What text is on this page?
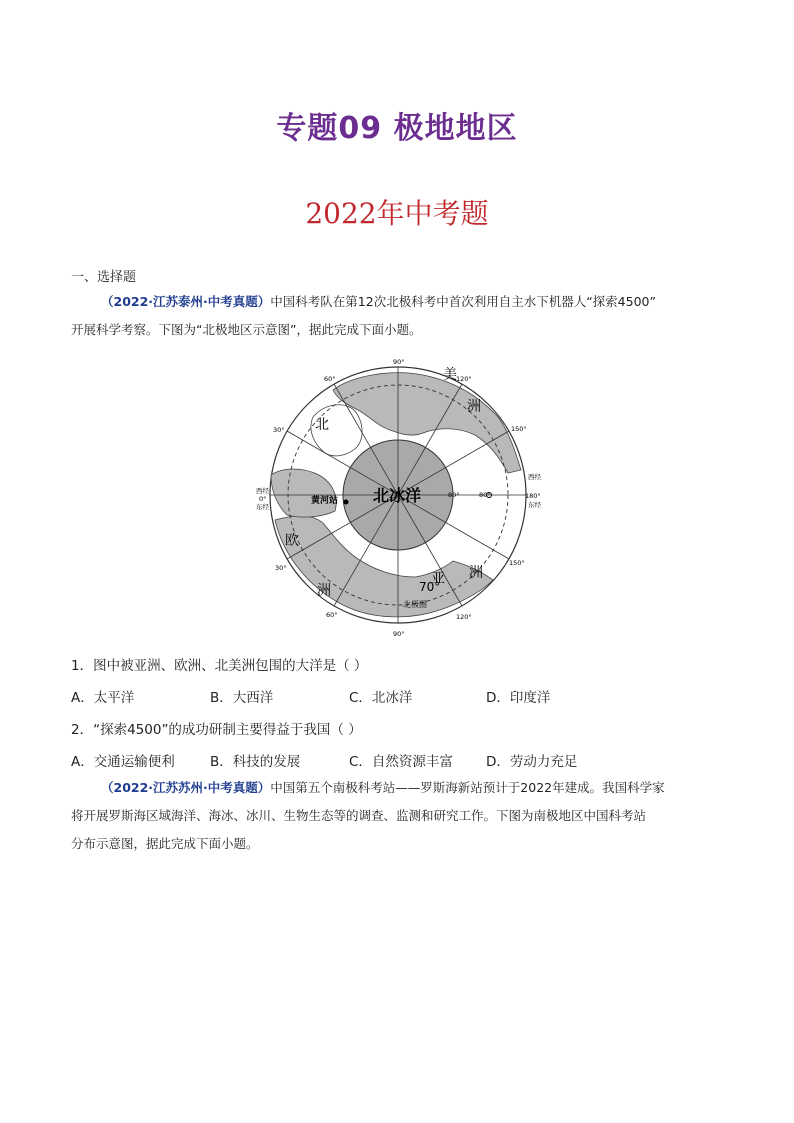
专题09 极地地区
2022年中考题
一、选择题
（2022·江苏泰州·中考真题）中国科考队在第12次北极科考中首次利用自主水下机器人“探索4500”
开展科学考察。下图为“北极地区示意图”，据此完成下面小题。
北冰洋
黄河站
北
美
洲
欧
洲
亚 洲
70°
北极圈
西经
0°
东经
西经
180°
东经
90°
90°
120°
120°
150°
150°
60°
60°
30°
30°
80°	80°
1．图中被亚洲、欧洲、北美洲包围的大洋是（ ）
A．太平洋	B．大西洋	C．北冰洋	D．印度洋
2．“探索4500”的成功研制主要得益于我国（ ）
A．交通运输便利	B．科技的发展	C．自然资源丰富 D．劳动力充足
（2022·江苏苏州·中考真题）中国第五个南极科考站——罗斯海新站预计于2022年建成。我国科学家
将开展罗斯海区域海洋、海冰、冰川、生物生态等的调查、监测和研究工作。下图为南极地区中国科考站
分布示意图，据此完成下面小题。
